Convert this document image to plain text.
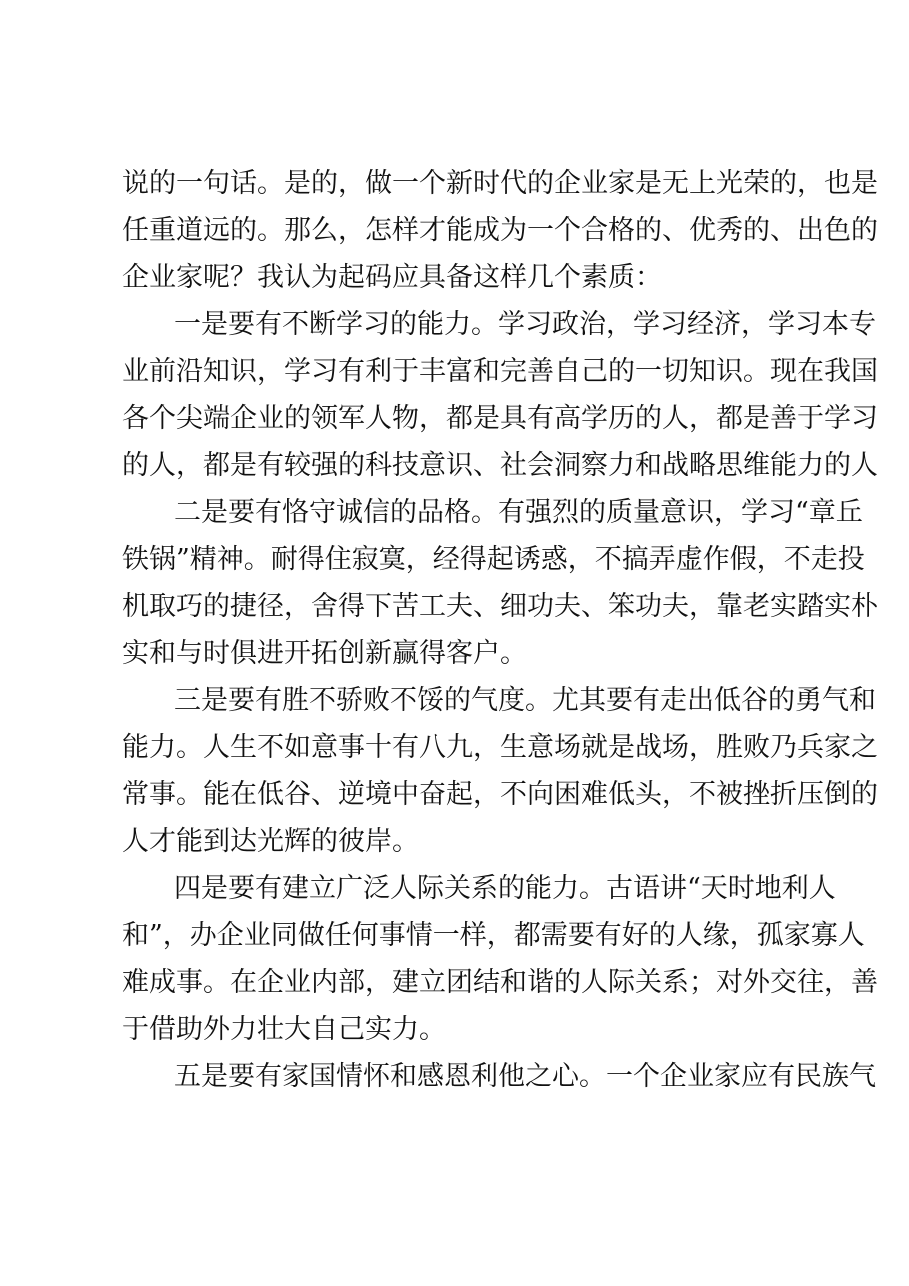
说的一句话。是的，做一个新时代的企业家是无上光荣的，也是
任重道远的。那么，怎样才能成为一个合格的、优秀的、出色的
企业家呢？我认为起码应具备这样几个素质：
一是要有不断学习的能力。学习政治，学习经济，学习本专
业前沿知识，学习有利于丰富和完善自己的一切知识。现在我国
各个尖端企业的领军人物，都是具有高学历的人，都是善于学习
的人，都是有较强的科技意识、社会洞察力和战略思维能力的人
二是要有恪守诚信的品格。有强烈的质量意识，学习“章丘
铁锅”精神。耐得住寂寞，经得起诱惑，不搞弄虚作假，不走投
机取巧的捷径，舍得下苦工夫、细功夫、笨功夫，靠老实踏实朴
实和与时俱进开拓创新赢得客户。
三是要有胜不骄败不馁的气度。尤其要有走出低谷的勇气和
能力。人生不如意事十有八九，生意场就是战场，胜败乃兵家之
常事。能在低谷、逆境中奋起，不向困难低头，不被挫折压倒的
人才能到达光辉的彼岸。
四是要有建立广泛人际关系的能力。古语讲“天时地利人
和”，办企业同做任何事情一样，都需要有好的人缘，孤家寡人
难成事。在企业内部，建立团结和谐的人际关系；对外交往，善
于借助外力壮大自己实力。
五是要有家国情怀和感恩利他之心。一个企业家应有民族气
